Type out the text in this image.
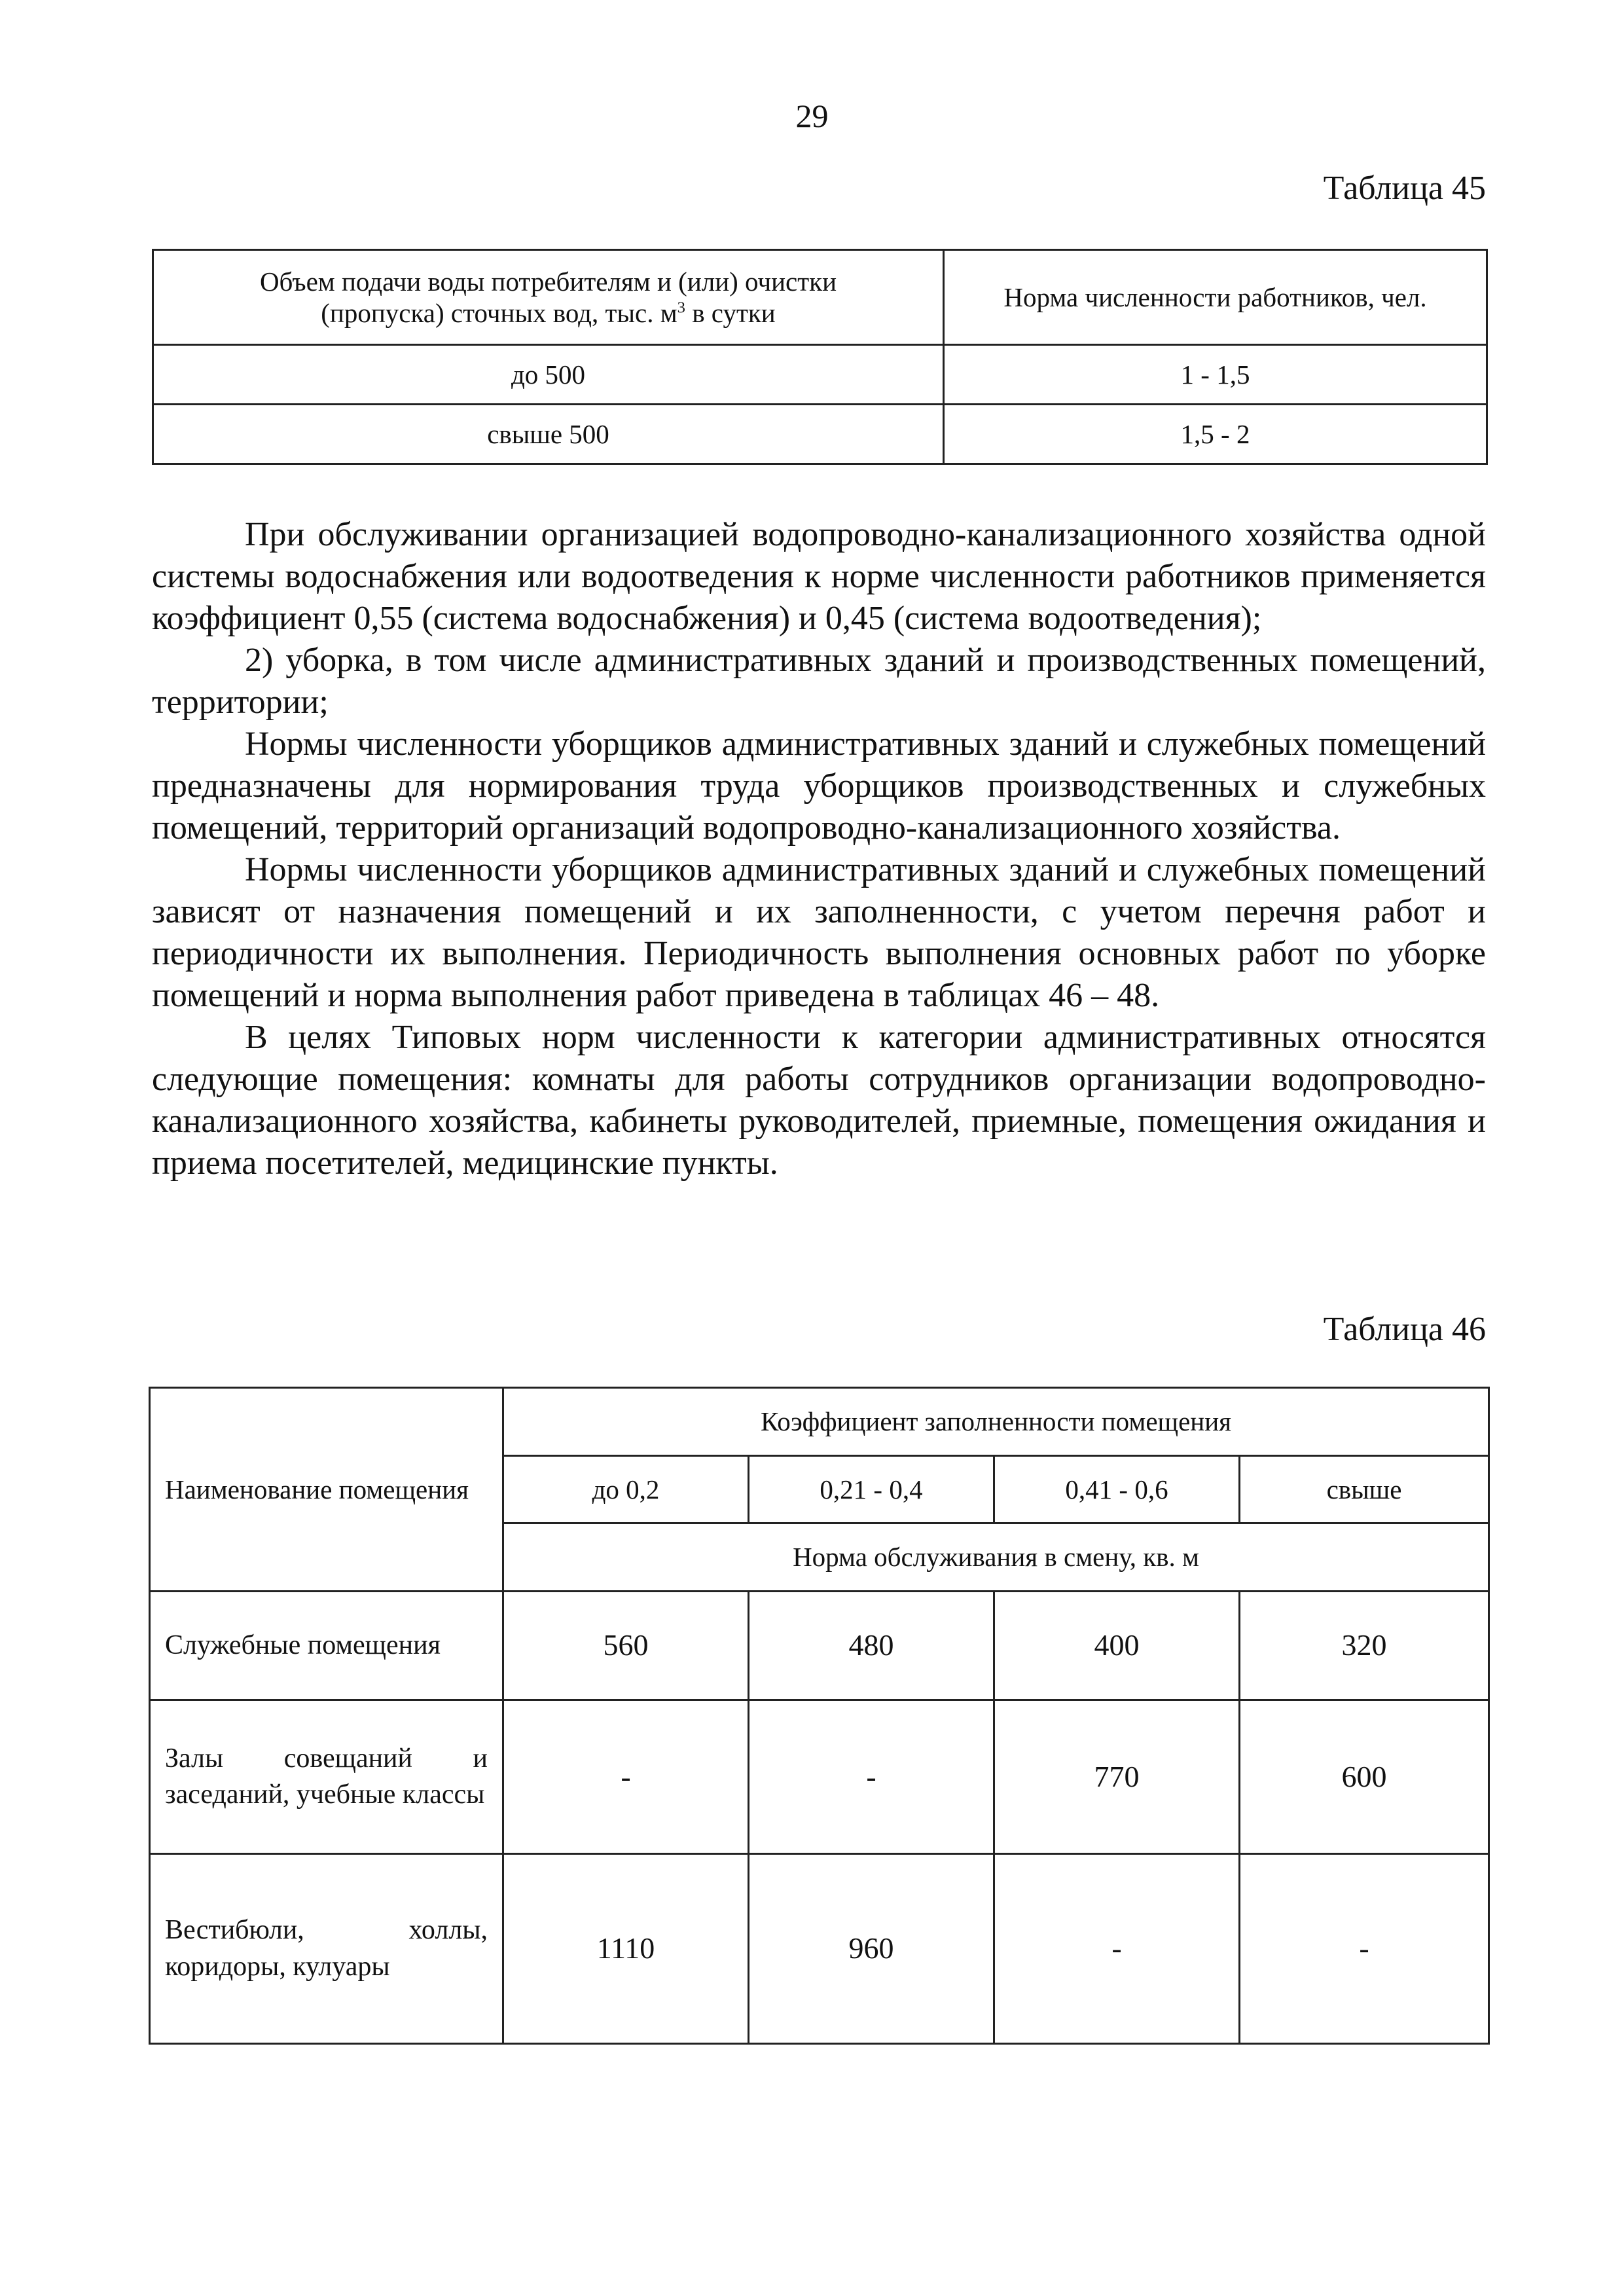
29
Таблица 45
Объем подачи воды потребителям и (или) очистки
(пропуска) сточных вод, тыс. $м^3$ в сутки	Норма численности работников, чел.
до 500	1 - 1,5
свыше 500	1,5 - 2

При обслуживании организацией водопроводно-канализационного хозяйства одной системы водоснабжения или водоотведения к норме численности работников применяется коэффициент 0,55 (система водоснабжения) и 0,45 (система водоотведения);

2) уборка, в том числе административных зданий и производственных помещений, территории;

Нормы численности уборщиков административных зданий и служебных помещений предназначены для нормирования труда уборщиков производственных и служебных помещений, территорий организаций водопроводно-канализационного хозяйства.

Нормы численности уборщиков административных зданий и служебных помещений зависят от назначения помещений и их заполненности, с учетом перечня работ и периодичности их выполнения. Периодичность выполнения основных работ по уборке помещений и норма выполнения работ приведена в таблицах 46 – 48.

В целях Типовых норм численности к категории административных относятся следующие помещения: комнаты для работы сотрудников организации водопроводно-канализационного хозяйства, кабинеты руководителей, приемные, помещения ожидания и приема посетителей, медицинские пункты.

Таблица 46
Наименование помещения	Коэффициент заполненности помещения			
	до 0,2	0,21 - 0,4	0,41 - 0,6	свыше
	Норма обслуживания в смену, кв. м			
Служебные помещения	560	480	400	320
Залы совещаний и заседаний, учебные классы	-	-	770	600
Вестибюли, холлы, коридоры, кулуары	1110	960	-	-
